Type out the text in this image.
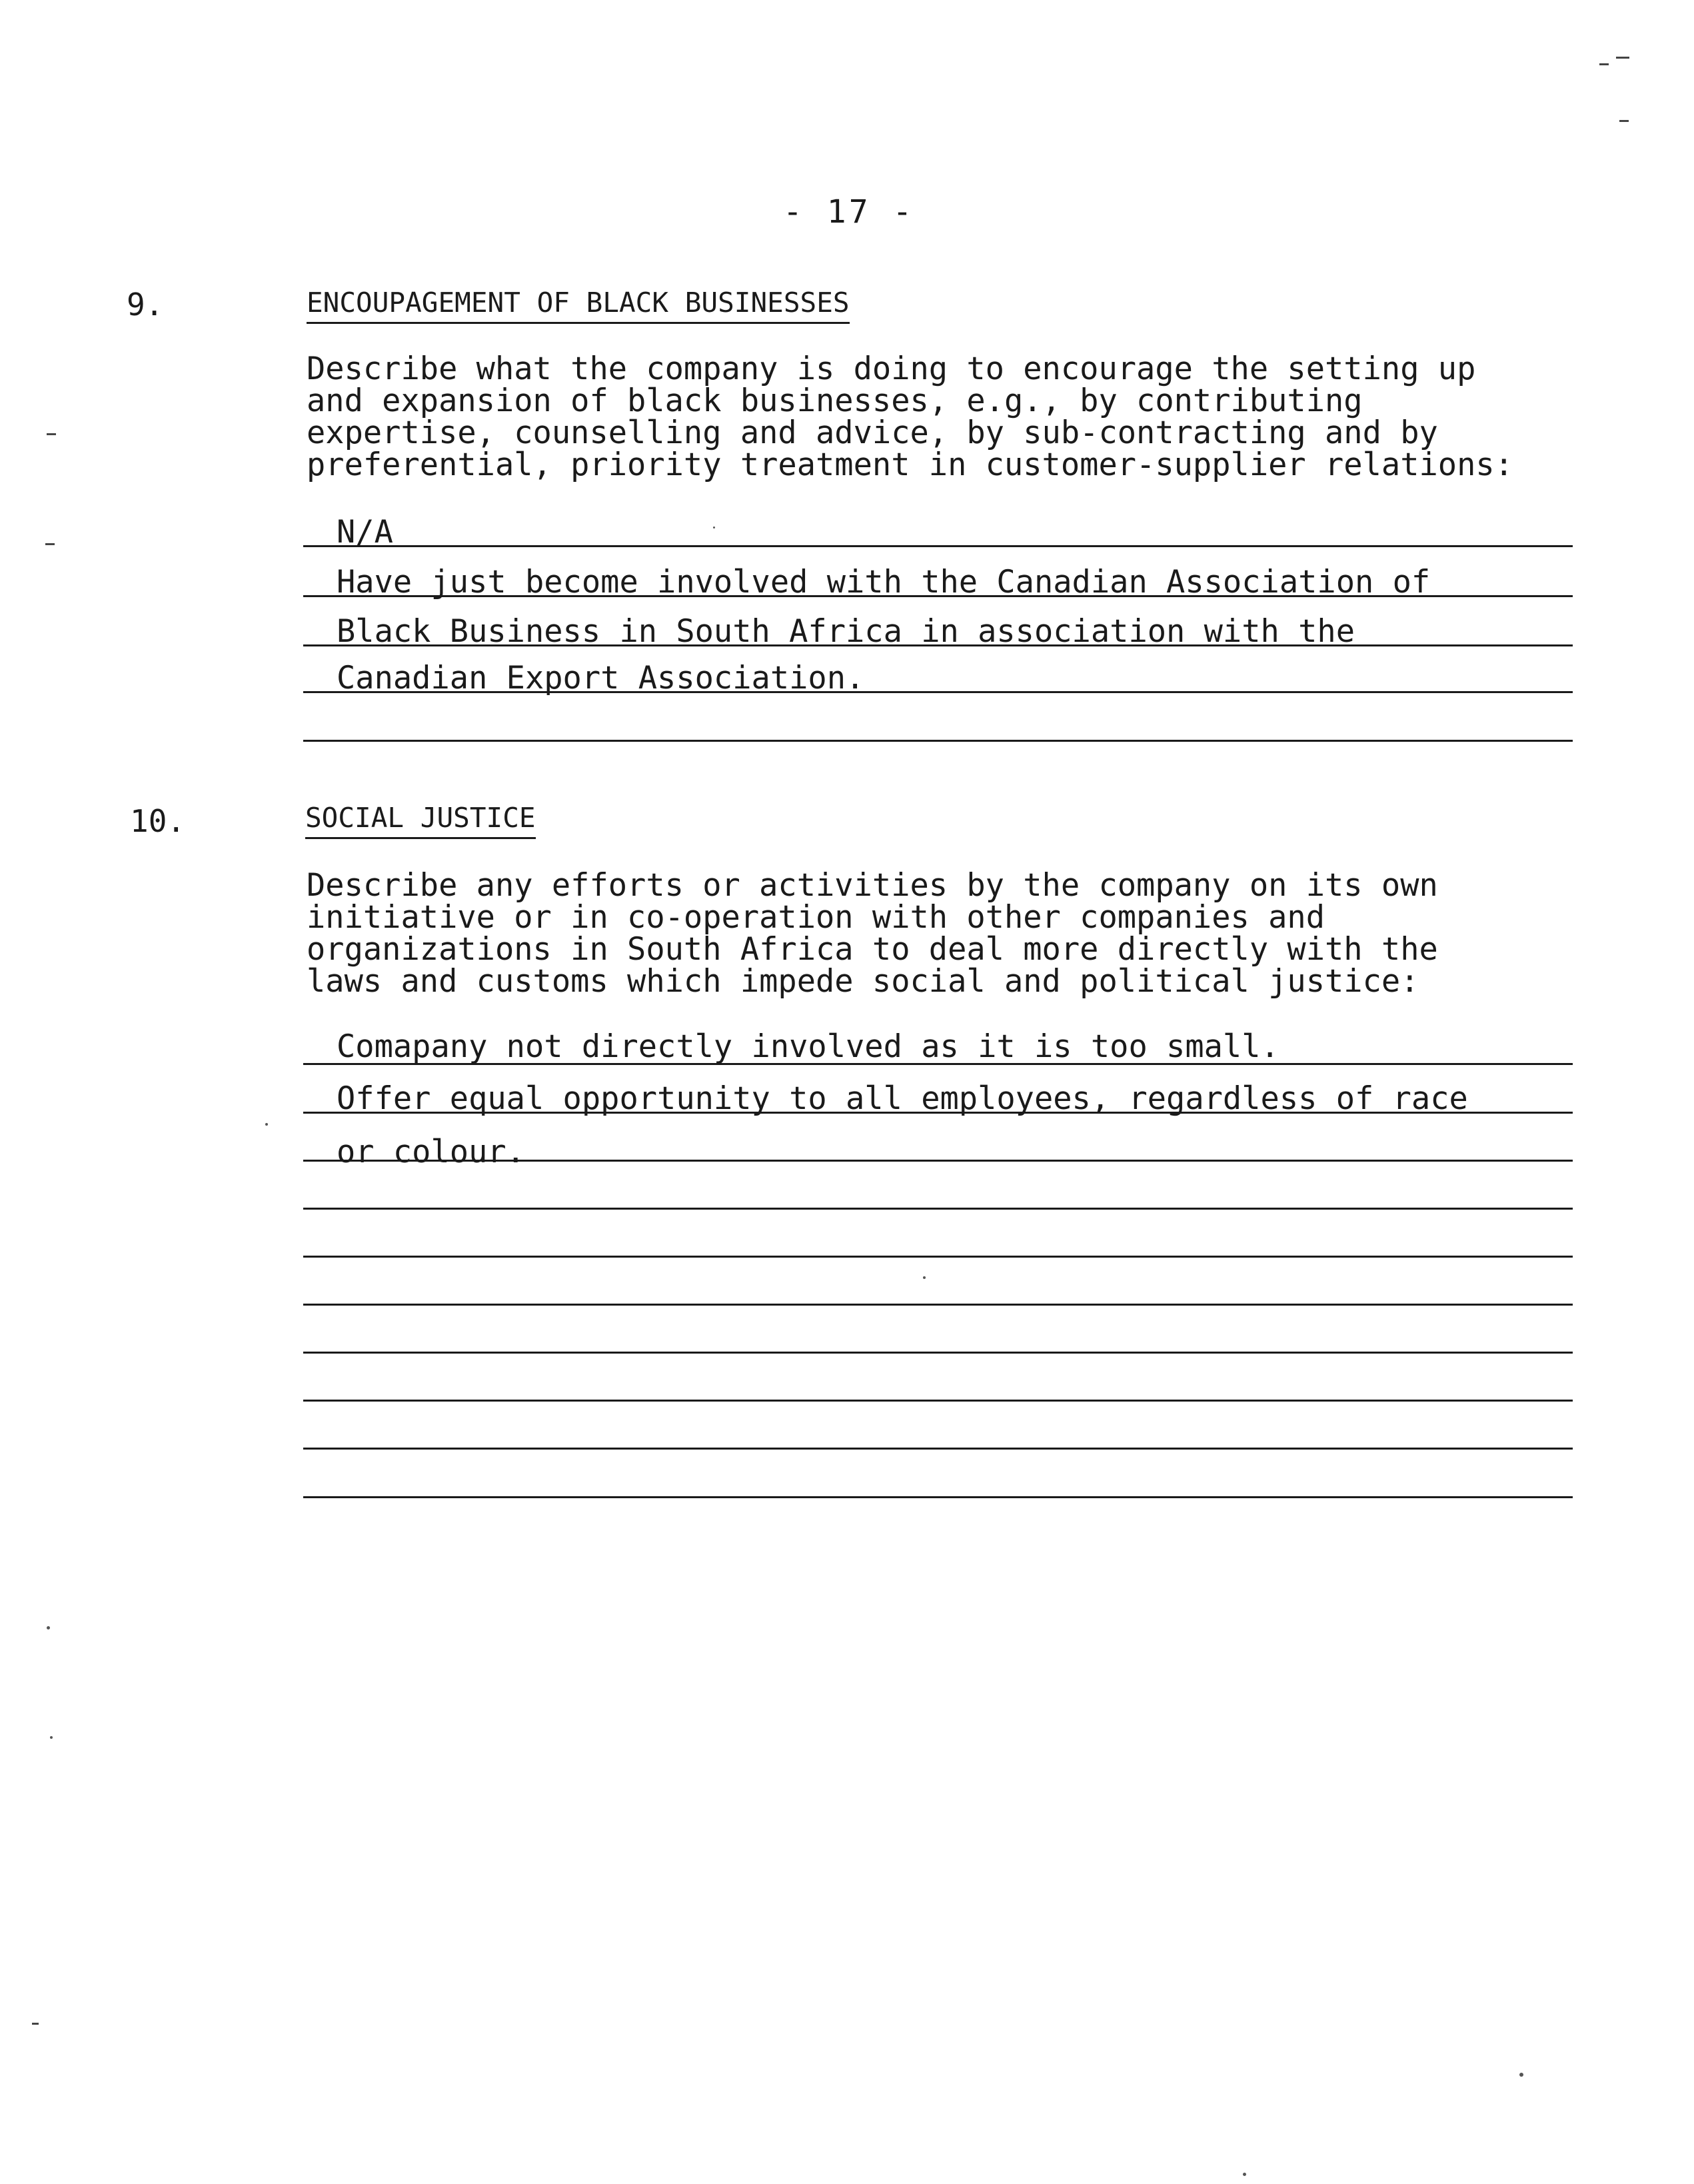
- 17 -
9.	ENCOUPAGEMENT OF BLACK BUSINESSES

Describe what the company is doing to encourage the setting up
and expansion of black businesses, e.g., by contributing
expertise, counselling and advice, by sub-contracting and by
preferential, priority treatment in customer-supplier relations:

N/A
Have just become involved with the Canadian Association of
Black Business in South Africa in association with the
Canadian Export Association.
10.	SOCIAL JUSTICE

Describe any efforts or activities by the company on its own
initiative or in co-operation with other companies and
organizations in South Africa to deal more directly with the
laws and customs which impede social and political justice:

Comapany not directly involved as it is too small.
Offer equal opportunity to all employees, regardless of race
or colour.
